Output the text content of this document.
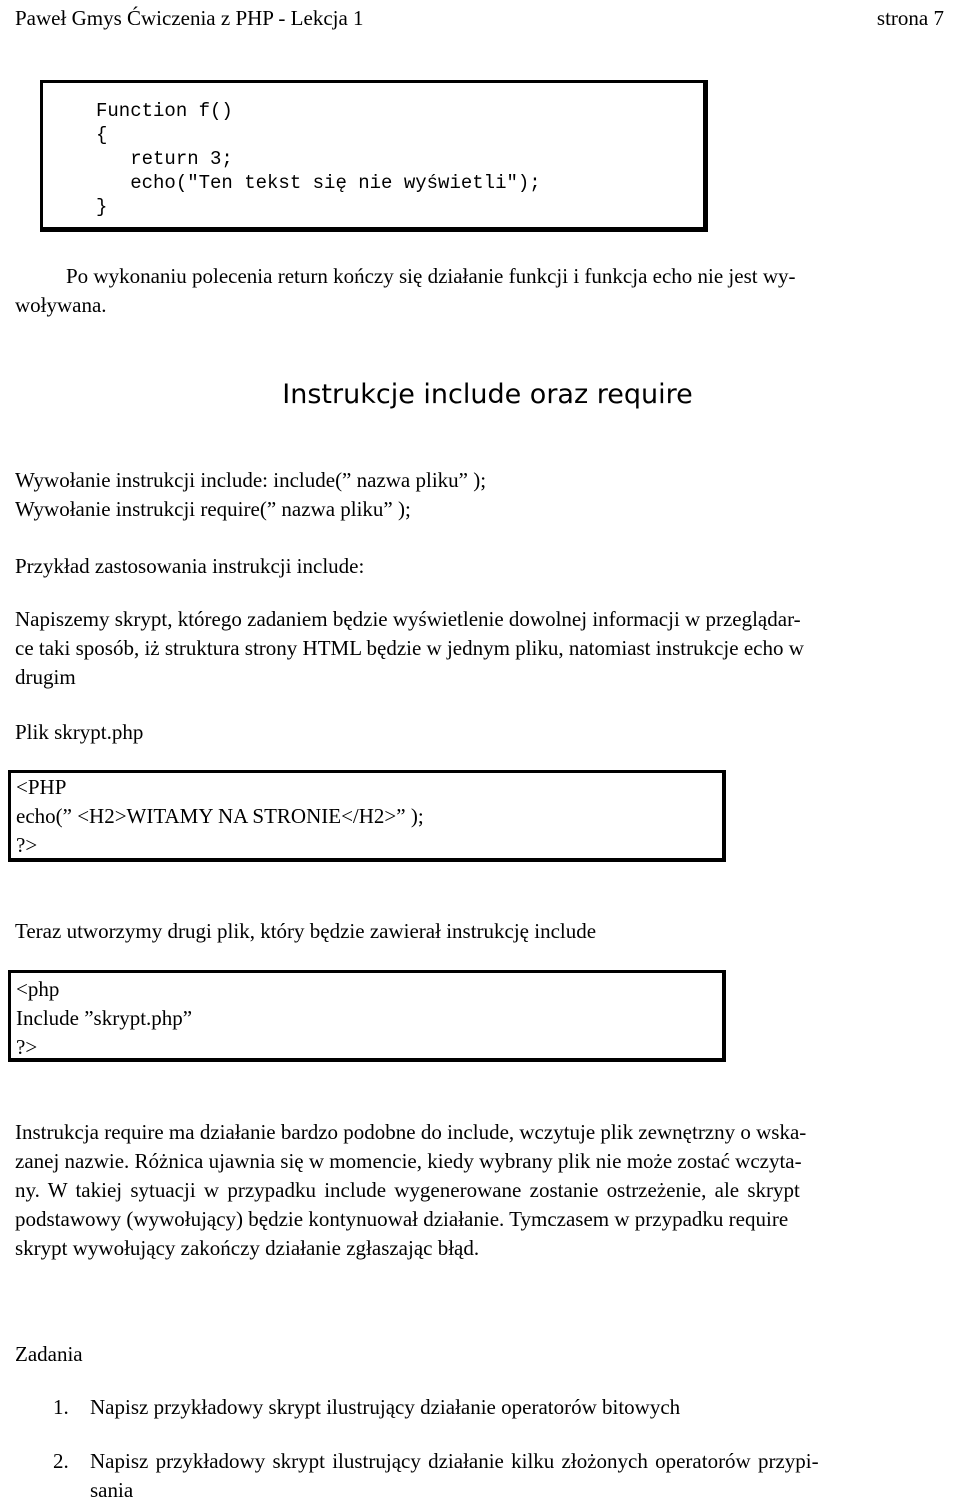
Paweł Gmys Ćwiczenia z PHP - Lekcja 1	strona 7
Function f()
{
return 3;
echo("Ten tekst się nie wyświetli");
}
Po wykonaniu polecenia return kończy się działanie funkcji i funkcja echo nie jest wy-
woływana.
Instrukcje include oraz require
Wywołanie instrukcji include: include(” nazwa pliku” );
Wywołanie instrukcji require(” nazwa pliku” );
Przykład zastosowania instrukcji include:
Napiszemy skrypt, którego zadaniem będzie wyświetlenie dowolnej informacji w przeglądar-
ce taki sposób, iż struktura strony HTML będzie w jednym pliku, natomiast instrukcje echo w
drugim
Plik skrypt.php
<PHP
echo(” <H2>WITAMY NA STRONIE</H2>” );
?>
Teraz utworzymy drugi plik, który będzie zawierał instrukcję include
<php
Include ”skrypt.php”
?>
Instrukcja require ma działanie bardzo podobne do include, wczytuje plik zewnętrzny o wska-
zanej nazwie. Różnica ujawnia się w momencie, kiedy wybrany plik nie może zostać wczyta-
ny. W takiej sytuacji w przypadku include wygenerowane zostanie ostrzeżenie, ale skrypt
podstawowy (wywołujący) będzie kontynuował działanie. Tymczasem w przypadku require
skrypt wywołujący zakończy działanie zgłaszając błąd.
Zadania
1. Napisz przykładowy skrypt ilustrujący działanie operatorów bitowych
2. Napisz przykładowy skrypt ilustrujący działanie kilku złożonych operatorów przypi-
sania
